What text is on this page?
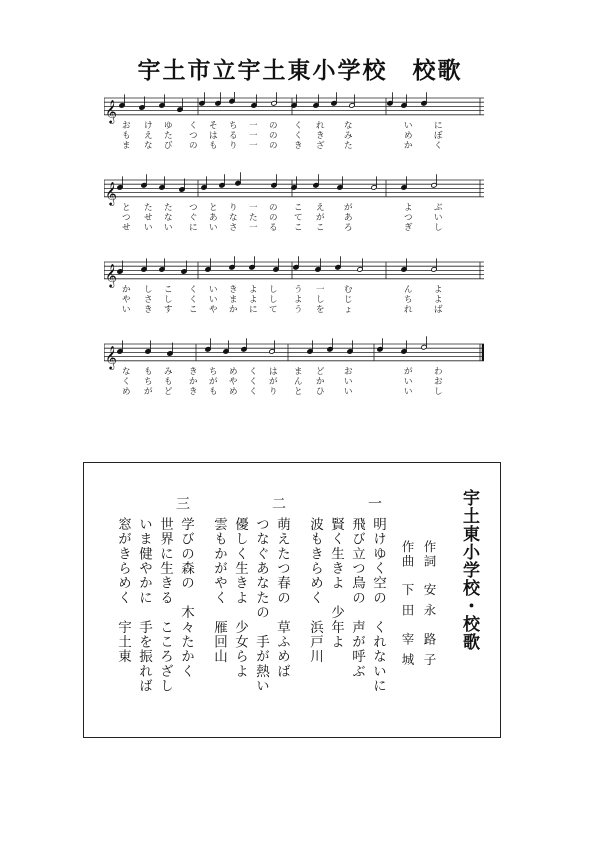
宇土市立宇土東小学校　校歌
𝄞
𝄞
𝄞
𝄞
にぼく
いめか
なみた
れきざ
くくき
ののの
一一一
ちるり
そはも
くつの
ゆたび
けえな
おもま
ぶいし
よつぎ
があろ
えがこ
こてこ
ののる
一た一
りなさ
とあい
つぐに
たない
たせい
とつせ
よよば
んちれ
むじょ
一しを
うよう
しして
よよに
きまか
いいや
くくこ
こしす
しさき
かやい
わおし
がいい
おいい
どかひ
まんと
はがり
くくく
めやめ
ちがも
きかき
みもど
もちが
なくめ
宇土東小学校・校歌
作詞安 永　路 子
作曲下 田　宰 城
一
明けゆく空の　くれないに
飛び立つ鳥の　声が呼ぶ
賢く生きよ　少年よ
波もきらめく　浜戸川
二
萌えたつ春の　草ふめば
つなぐあなたの　手が熱い
優しく生きよ　少女らよ
雲もかがやく　雁回山
三
学びの森の　木々たかく
世界に生きる　こころざし
いま健やかに　手を振れば
窓がきらめく　宇土東
